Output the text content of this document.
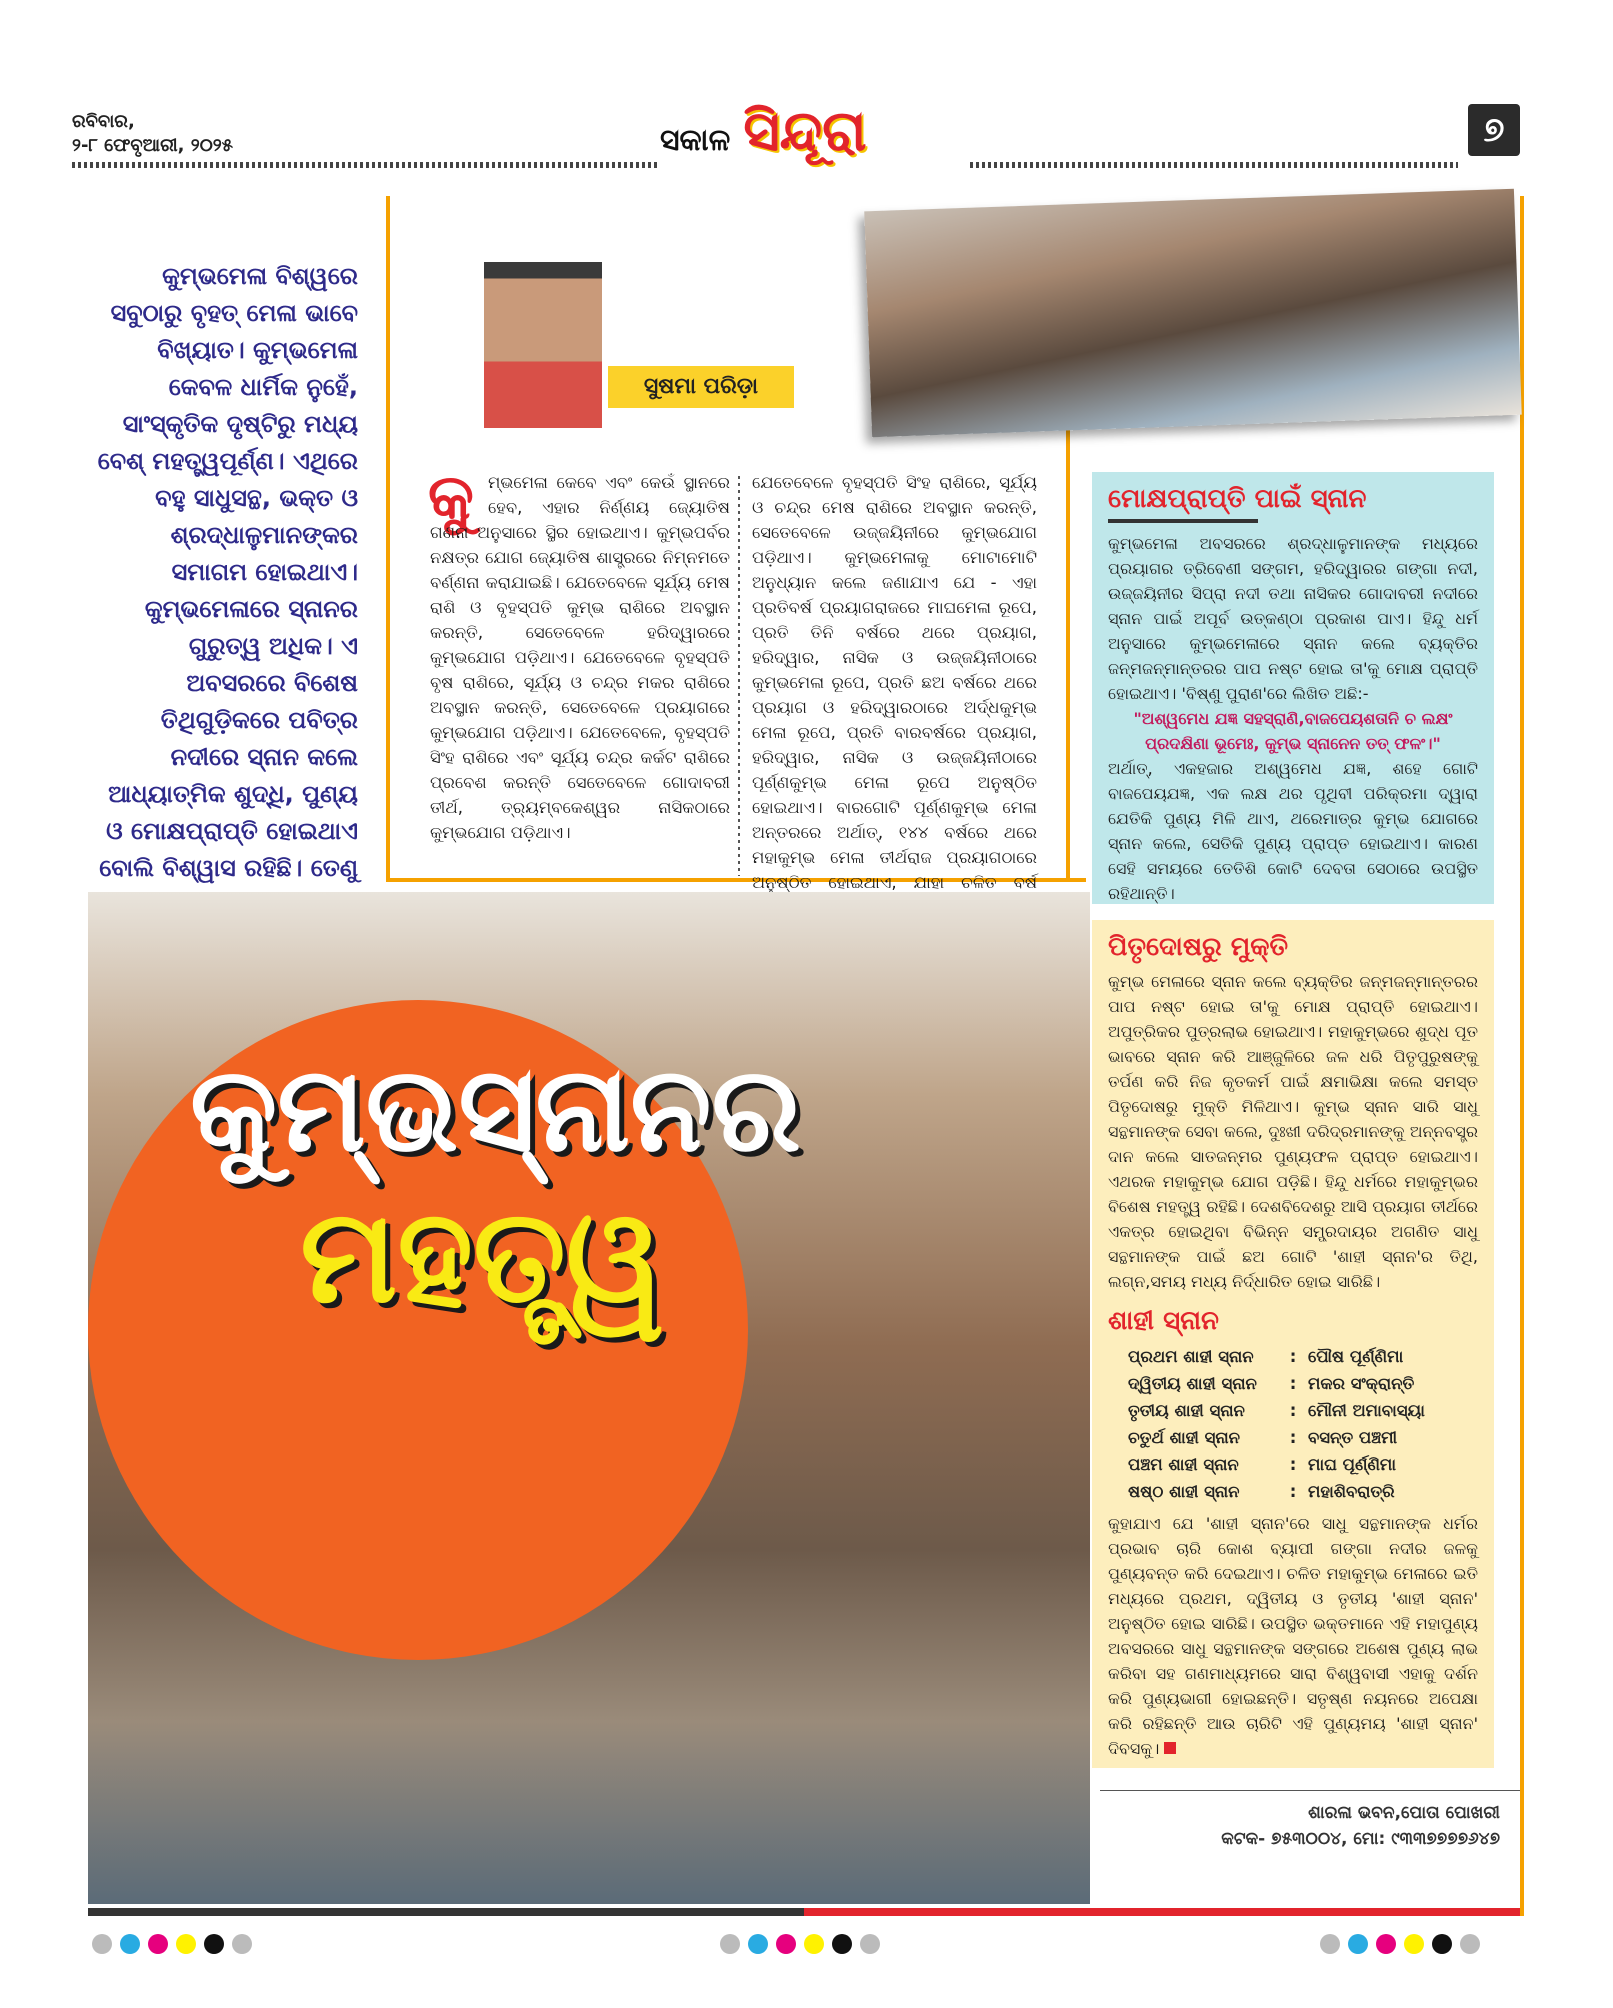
ରବିବାର,
୨-୮ ଫେବୃଆରୀ, ୨୦୨୫	ସକାଳ ସିନ୍ଦୂରା	୭
କୁମ୍ଭମେଳା ବିଶ୍ୱରେ ସବୁଠାରୁ ବୃହତ୍ ମେଳା ଭାବେ ବିଖ୍ୟାତ। କୁମ୍ଭମେଳା କେବଳ ଧାର୍ମିକ ନୁହେଁ, ସାଂସ୍କୃତିକ ଦୃଷ୍ଟିରୁ ମଧ୍ୟ ବେଶ୍ ମହତ୍ତ୍ୱପୂର୍ଣ୍ଣ। ଏଥିରେ ବହୁ ସାଧୁସନ୍ଥ, ଭକ୍ତ ଓ ଶ୍ରଦ୍ଧାଳୁମାନଙ୍କର ସମାଗମ ହୋଇଥାଏ। କୁମ୍ଭମେଳାରେ ସ୍ନାନର ଗୁରୁତ୍ୱ ଅଧିକ। ଏ ଅବସରରେ ବିଶେଷ ତିଥିଗୁଡ଼ିକରେ ପବିତ୍ର ନଦୀରେ ସ୍ନାନ କଲେ ଆଧ୍ୟାତ୍ମିକ ଶୁଦ୍ଧି, ପୁଣ୍ୟ ଓ ମୋକ୍ଷପ୍ରାପ୍ତି ହୋଇଥାଏ ବୋଲି ବିଶ୍ୱାସ ରହିଛି। ତେଣୁ
ସୁଷମା ପରିଡ଼ା
କୁ ମ୍ଭମେଳା କେବେ ଏବଂ କେଉଁ ସ୍ଥାନରେ ହେବ, ଏହାର ନିର୍ଣ୍ଣୟ ଜ୍ୟୋତିଷ ଗଣନା ଅନୁସାରେ ସ୍ଥିର ହୋଇଥାଏ। କୁମ୍ଭପର୍ବର ନକ୍ଷତ୍ର ଯୋଗ ଜ୍ୟୋତିଷ ଶାସ୍ତ୍ରରେ ନିମ୍ନମତେ ବର୍ଣ୍ଣନା କରାଯାଇଛି। ଯେତେବେଳେ ସୂର୍ଯ୍ୟ ମେଷ ରାଶି ଓ ବୃହସ୍ପତି କୁମ୍ଭ ରାଶିରେ ଅବସ୍ଥାନ କରନ୍ତି, ସେତେବେଳେ ହରିଦ୍ୱାରରେ କୁମ୍ଭଯୋଗ ପଡ଼ିଥାଏ। ଯେତେବେଳେ ବୃହସ୍ପତି ବୃଷ ରାଶିରେ, ସୂର୍ଯ୍ୟ ଓ ଚନ୍ଦ୍ର ମକର ରାଶିରେ ଅବସ୍ଥାନ କରନ୍ତି, ସେତେବେଳେ ପ୍ରୟାଗରେ କୁମ୍ଭଯୋଗ ପଡ଼ିଥାଏ। ଯେତେବେଳେ, ବୃହସ୍ପତି ସିଂହ ରାଶିରେ ଏବଂ ସୂର୍ଯ୍ୟ ଚନ୍ଦ୍ର କର୍କଟ ରାଶିରେ ପ୍ରବେଶ କରନ୍ତି ସେତେବେଳେ ଗୋଦାବରୀ ତୀର୍ଥ, ତ୍ର୍ୟମ୍ବକେଶ୍ୱର ନାସିକଠାରେ କୁମ୍ଭଯୋଗ ପଡ଼ିଥାଏ।
ଯେତେବେଳେ ବୃହସ୍ପତି ସିଂହ ରାଶିରେ, ସୂର୍ଯ୍ୟ ଓ ଚନ୍ଦ୍ର ମେଷ ରାଶିରେ ଅବସ୍ଥାନ କରନ୍ତି, ସେତେବେଳେ ଉଜ୍ଜୟିନୀରେ କୁମ୍ଭଯୋଗ ପଡ଼ିଥାଏ। କୁମ୍ଭମେଳାକୁ ମୋଟାମୋଟି ଅନୁଧ୍ୟାନ କଲେ ଜଣାଯାଏ ଯେ - ଏହା ପ୍ରତିବର୍ଷ ପ୍ରୟାଗରାଜରେ ମାଘମେଳା ରୂପେ, ପ୍ରତି ତିନି ବର୍ଷରେ ଥରେ ପ୍ରୟାଗ, ହରିଦ୍ୱାର, ନାସିକ ଓ ଉଜ୍ଜୟିନୀଠାରେ କୁମ୍ଭମେଳା ରୂପେ, ପ୍ରତି ଛଅ ବର୍ଷରେ ଥରେ ପ୍ରୟାଗ ଓ ହରିଦ୍ୱାରଠାରେ ଅର୍ଦ୍ଧକୁମ୍ଭ ମେଳା ରୂପେ, ପ୍ରତି ବାରବର୍ଷରେ ପ୍ରୟାଗ, ହରିଦ୍ୱାର, ନାସିକ ଓ ଉଜ୍ଜୟିନୀଠାରେ ପୂର୍ଣ୍ଣକୁମ୍ଭ ମେଳା ରୂପେ ଅନୁଷ୍ଠିତ ହୋଇଥାଏ। ବାରଗୋଟି ପୂର୍ଣ୍ଣକୁମ୍ଭ ମେଳା ଅନ୍ତରରେ ଅର୍ଥାତ୍, ୧୪୪ ବର୍ଷରେ ଥରେ ମହାକୁମ୍ଭ ମେଳା ତୀର୍ଥରାଜ ପ୍ରୟାଗଠାରେ ଅନୁଷ୍ଠିତ ହୋଇଥାଏ, ଯାହା ଚଳିତ ବର୍ଷ
ମୋକ୍ଷପ୍ରାପ୍ତି ପାଇଁ ସ୍ନାନ
କୁମ୍ଭମେଳା ଅବସରରେ ଶ୍ରଦ୍ଧାଳୁମାନଙ୍କ ମଧ୍ୟରେ ପ୍ରୟାଗର ତ୍ରିବେଣୀ ସଙ୍ଗମ, ହରିଦ୍ୱାରର ଗଙ୍ଗା ନଦୀ, ଉଜ୍ଜୟିନୀର ସିପ୍ରା ନଦୀ ତଥା ନାସିକର ଗୋଦାବରୀ ନଦୀରେ ସ୍ନାନ ପାଇଁ ଅପୂର୍ବ ଉତ୍କଣ୍ଠା ପ୍ରକାଶ ପାଏ। ହିନ୍ଦୁ ଧର୍ମ ଅନୁସାରେ କୁମ୍ଭମେଳାରେ ସ୍ନାନ କଲେ ବ୍ୟକ୍ତିର ଜନ୍ମଜନ୍ମାନ୍ତରର ପାପ ନଷ୍ଟ ହୋଇ ତା'କୁ ମୋକ୍ଷ ପ୍ରାପ୍ତି ହୋଇଥାଏ। 'ବିଷ୍ଣୁ ପୁରାଣ'ରେ ଲିଖିତ ଅଛି:-
"ଅଶ୍ୱମେଧ ଯଜ୍ଞ ସହସ୍ରାଣି,ବାଜପେୟଶତାନି ଚ ଲକ୍ଷଂ ପ୍ରଦକ୍ଷିଣା ଭୂମେଃ, କୁମ୍ଭ ସ୍ନାନେନ ତତ୍ ଫଳଂ।"
ଅର୍ଥାତ୍, ଏକହଜାର ଅଶ୍ୱମେଧ ଯଜ୍ଞ, ଶହେ ଗୋଟି ବାଜପେୟଯଜ୍ଞ, ଏକ ଲକ୍ଷ ଥର ପୃଥିବୀ ପରିକ୍ରମା ଦ୍ୱାରା ଯେତିକି ପୁଣ୍ୟ ମିଳି ଥାଏ, ଥରେମାତ୍ର କୁମ୍ଭ ଯୋଗରେ ସ୍ନାନ କଲେ, ସେତିକି ପୁଣ୍ୟ ପ୍ରାପ୍ତ ହୋଇଥାଏ। କାରଣ ସେହି ସମୟରେ ତେତିଶି କୋଟି ଦେବତା ସେଠାରେ ଉପସ୍ଥିତ ରହିଥାନ୍ତି।
ପିତୃଦୋଷରୁ ମୁକ୍ତି
କୁମ୍ଭ ମେଳାରେ ସ୍ନାନ କଲେ ବ୍ୟକ୍ତିର ଜନ୍ମଜନ୍ମାନ୍ତରର ପାପ ନଷ୍ଟ ହୋଇ ତା'କୁ ମୋକ୍ଷ ପ୍ରାପ୍ତି ହୋଇଥାଏ। ଅପୁତ୍ରିକର ପୁତ୍ରଲାଭ ହୋଇଥାଏ। ମହାକୁମ୍ଭରେ ଶୁଦ୍ଧ ପୂତ ଭାବରେ ସ୍ନାନ କରି ଆଞ୍ଜୁଳିରେ ଜଳ ଧରି ପିତୃପୁରୁଷଙ୍କୁ ତର୍ପଣ କରି ନିଜ କୃତକର୍ମ ପାଇଁ କ୍ଷମାଭିକ୍ଷା କଲେ ସମସ୍ତ ପିତୃଦୋଷରୁ ମୁକ୍ତି ମିଳିଥାଏ। କୁମ୍ଭ ସ୍ନାନ ସାରି ସାଧୁ ସନ୍ଥମାନଙ୍କ ସେବା କଲେ, ଦୁଃଖୀ ଦରିଦ୍ରମାନଙ୍କୁ ଅନ୍ନବସ୍ତ୍ର ଦାନ କଲେ ସାତଜନ୍ମର ପୁଣ୍ୟଫଳ ପ୍ରାପ୍ତ ହୋଇଥାଏ। ଏଥରକ ମହାକୁମ୍ଭ ଯୋଗ ପଡ଼ିଛି। ହିନ୍ଦୁ ଧର୍ମରେ ମହାକୁମ୍ଭର ବିଶେଷ ମହତ୍ତ୍ୱ ରହିଛି। ଦେଶବିଦେଶରୁ ଆସି ପ୍ରୟାଗ ତୀର୍ଥରେ ଏକତ୍ର ହୋଇଥିବା ବିଭିନ୍ନ ସମ୍ପ୍ରଦାୟର ଅଗଣିତ ସାଧୁ ସନ୍ଥମାନଙ୍କ ପାଇଁ ଛଅ ଗୋଟି 'ଶାହୀ ସ୍ନାନ'ର ତିଥି, ଲଗ୍ନ,ସମୟ ମଧ୍ୟ ନିର୍ଦ୍ଧାରିତ ହୋଇ ସାରିଛି।
ଶାହୀ ସ୍ନାନ
ପ୍ରଥମ ଶାହୀ ସ୍ନାନ	: ପୌଷ ପୂର୍ଣ୍ଣିମା
ଦ୍ୱିତୀୟ ଶାହୀ ସ୍ନାନ	: ମକର ସଂକ୍ରାନ୍ତି
ତୃତୀୟ ଶାହୀ ସ୍ନାନ	: ମୌନୀ ଅମାବାସ୍ୟା
ଚତୁର୍ଥ ଶାହୀ ସ୍ନାନ	: ବସନ୍ତ ପଞ୍ଚମୀ
ପଞ୍ଚମ ଶାହୀ ସ୍ନାନ	: ମାଘ ପୂର୍ଣ୍ଣିମା
ଷଷ୍ଠ ଶାହୀ ସ୍ନାନ	: ମହାଶିବରାତ୍ରି
କୁହାଯାଏ ଯେ 'ଶାହୀ ସ୍ନାନ'ରେ ସାଧୁ ସନ୍ଥମାନଙ୍କ ଧର୍ମର ପ୍ରଭାବ ଚାରି କୋଶ ବ୍ୟାପୀ ଗଙ୍ଗା ନଦୀର ଜଳକୁ ପୁଣ୍ୟବନ୍ତ କରି ଦେଇଥାଏ। ଚଳିତ ମହାକୁମ୍ଭ ମେଳାରେ ଇତି ମଧ୍ୟରେ ପ୍ରଥମ, ଦ୍ୱିତୀୟ ଓ ତୃତୀୟ 'ଶାହୀ ସ୍ନାନ' ଅନୁଷ୍ଠିତ ହୋଇ ସାରିଛି। ଉପସ୍ଥିତ ଭକ୍ତମାନେ ଏହି ମହାପୁଣ୍ୟ ଅବସରରେ ସାଧୁ ସନ୍ଥମାନଙ୍କ ସଙ୍ଗରେ ଅଶେଷ ପୁଣ୍ୟ ଲାଭ କରିବା ସହ ଗଣମାଧ୍ୟମରେ ସାରା ବିଶ୍ୱବାସୀ ଏହାକୁ ଦର୍ଶନ କରି ପୁଣ୍ୟଭାଗୀ ହୋଇଛନ୍ତି। ସତୃଷ୍ଣ ନୟନରେ ଅପେକ୍ଷା କରି ରହିଛନ୍ତି ଆଉ ଚାରିଟି ଏହି ପୁଣ୍ୟମୟ 'ଶାହୀ ସ୍ନାନ' ଦିବସକୁ।
କୁମ୍ଭସ୍ନାନର
ମହତ୍ତ୍ୱ
ଶାରଳା ଭବନ,ପୋତା ପୋଖରୀ
କଟକ- ୭୫୩୦୦୪, ମୋ: ୯୩୩୭୭୭୭୬୪୭
